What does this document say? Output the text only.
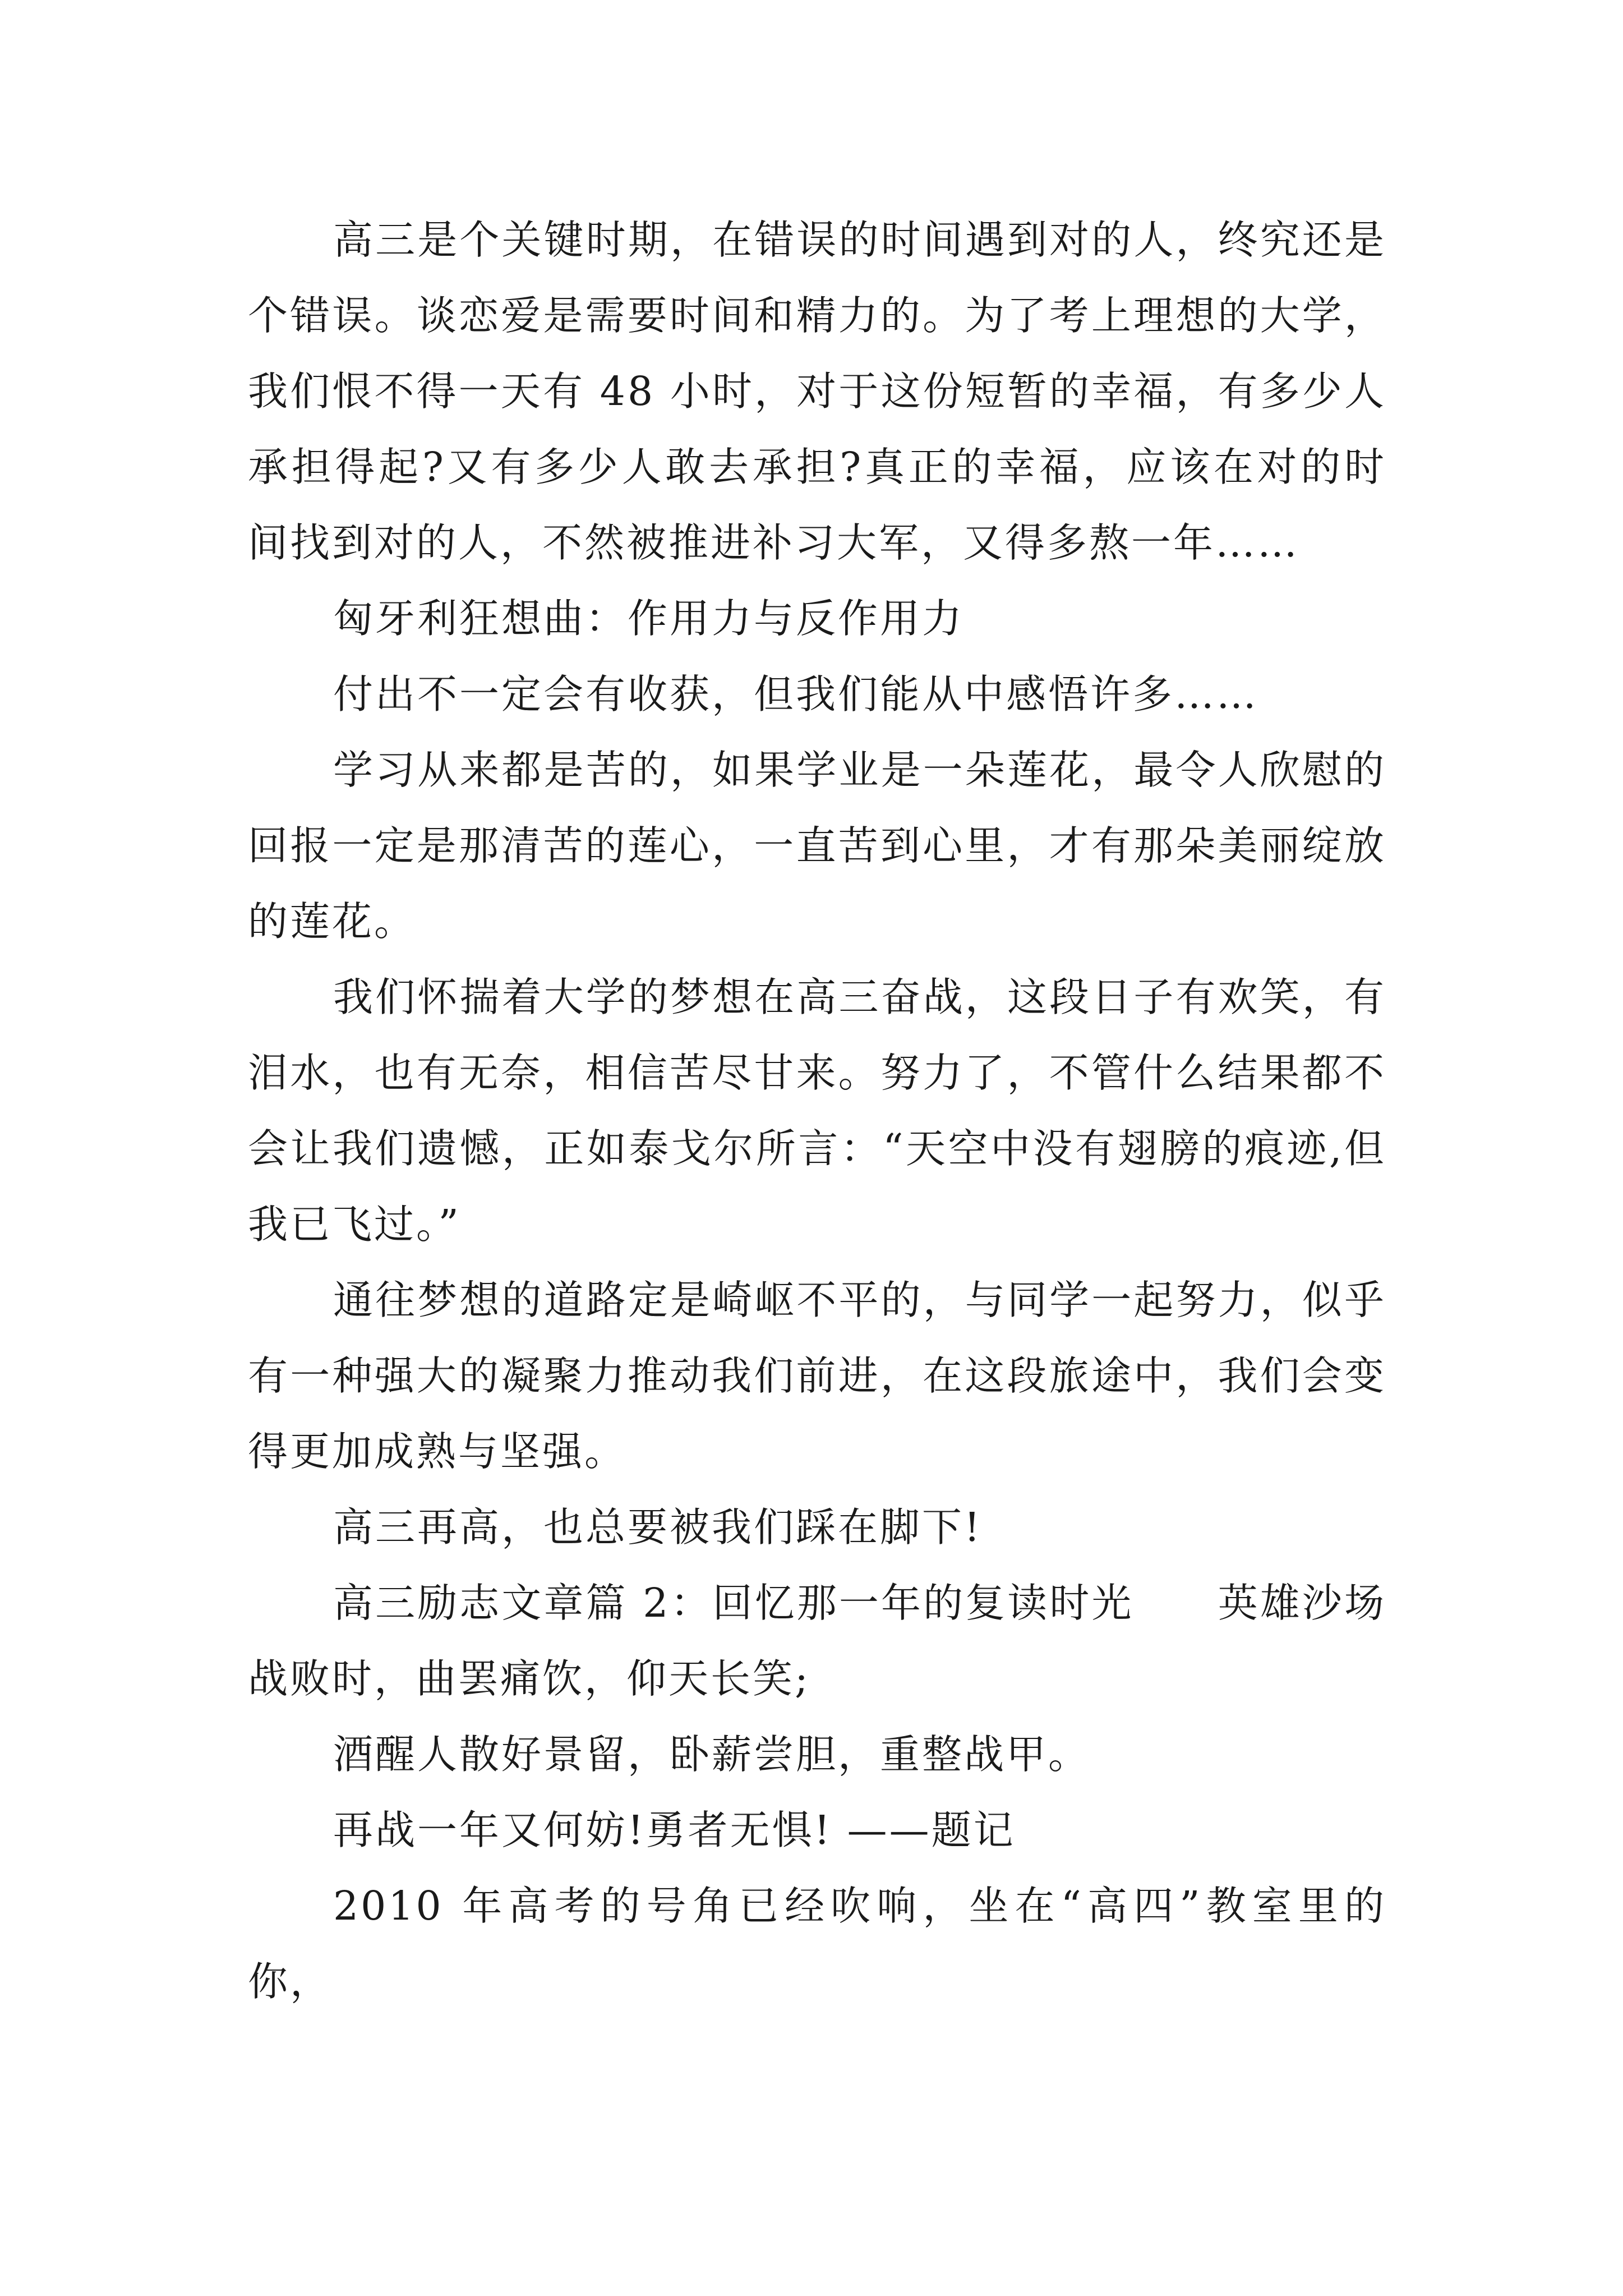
高三是个关键时期，在错误的时间遇到对的人，终究还是个错误。谈恋爱是需要时间和精力的。为了考上理想的大学，我们恨不得一天有 48 小时，对于这份短暂的幸福，有多少人承担得起?又有多少人敢去承担?真正的幸福，应该在对的时间找到对的人，不然被推进补习大军，又得多熬一年……

匈牙利狂想曲：作用力与反作用力

付出不一定会有收获，但我们能从中感悟许多……

学习从来都是苦的，如果学业是一朵莲花，最令人欣慰的回报一定是那清苦的莲心，一直苦到心里，才有那朵美丽绽放的莲花。

我们怀揣着大学的梦想在高三奋战，这段日子有欢笑，有泪水，也有无奈，相信苦尽甘来。努力了，不管什么结果都不会让我们遗憾，正如泰戈尔所言：“天空中没有翅膀的痕迹,但我已飞过。”

通往梦想的道路定是崎岖不平的，与同学一起努力，似乎有一种强大的凝聚力推动我们前进，在这段旅途中，我们会变得更加成熟与坚强。

高三再高，也总要被我们踩在脚下!

高三励志文章篇 2：回忆那一年的复读时光　　英雄沙场战败时，曲罢痛饮，仰天长笑;

酒醒人散好景留，卧薪尝胆，重整战甲。

再战一年又何妨!勇者无惧! ——题记

2010 年高考的号角已经吹响，坐在“高四”教室里的你，
